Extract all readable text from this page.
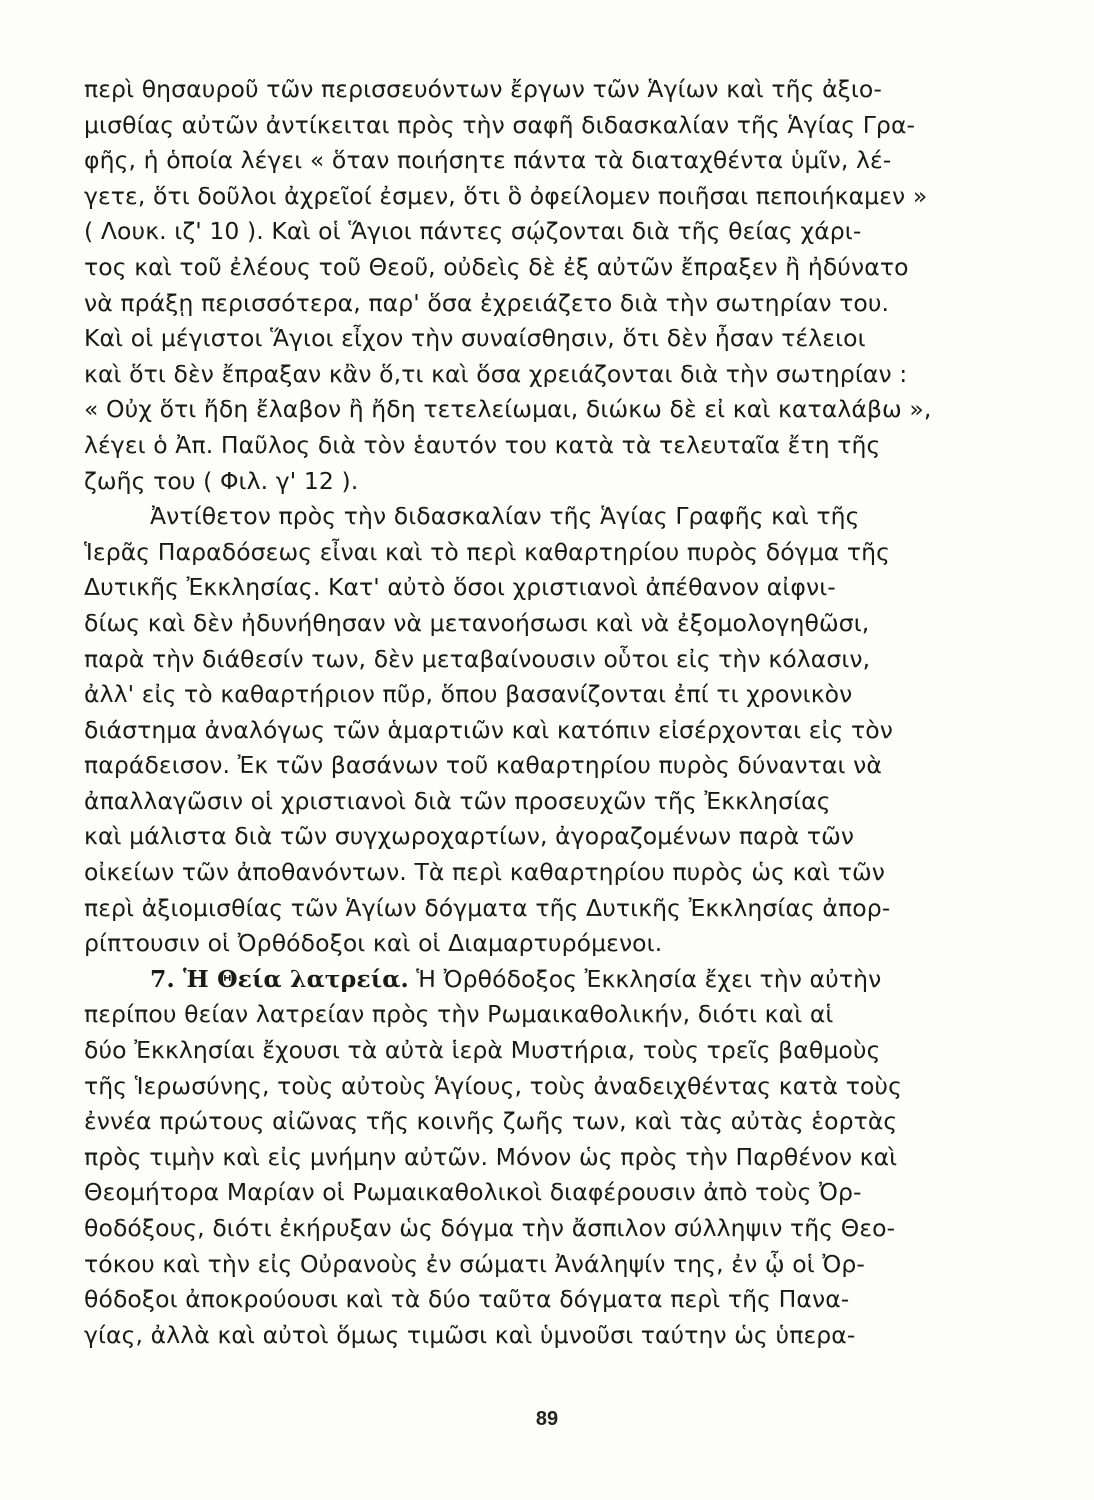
περὶ θησαυροῦ τῶν περισσευόντων ἔργων τῶν Ἁγίων καὶ τῆς ἀξιο-
μισθίας αὐτῶν ἀντίκειται πρὸς τὴν σαφῆ διδασκαλίαν τῆς Ἁγίας Γρα-
φῆς, ἡ ὁποία λέγει « ὅταν ποιήσητε πάντα τὰ διαταχθέντα ὑμῖν, λέ-
γετε, ὅτι δοῦλοι ἀχρεῖοί ἐσμεν, ὅτι ὃ ὀφείλομεν ποιῆσαι πεποιήκαμεν »
( Λουκ. ιζ' 10 ). Καὶ οἱ Ἅγιοι πάντες σῴζονται διὰ τῆς θείας χάρι-
τος καὶ τοῦ ἐλέους τοῦ Θεοῦ, οὐδεὶς δὲ ἐξ αὐτῶν ἔπραξεν ἢ ἠδύνατο
νὰ πράξῃ περισσότερα, παρ' ὅσα ἐχρειάζετο διὰ τὴν σωτηρίαν του.
Καὶ οἱ μέγιστοι Ἅγιοι εἶχον τὴν συναίσθησιν, ὅτι δὲν ἦσαν τέλειοι
καὶ ὅτι δὲν ἔπραξαν κἂν ὅ,τι καὶ ὅσα χρειάζονται διὰ τὴν σωτηρίαν :
« Οὐχ ὅτι ἤδη ἔλαβον ἢ ἤδη τετελείωμαι, διώκω δὲ εἰ καὶ καταλάβω »,
λέγει ὁ Ἀπ. Παῦλος διὰ τὸν ἑαυτόν του κατὰ τὰ τελευταῖα ἔτη τῆς
ζωῆς του ( Φιλ. γ' 12 ).
Ἀντίθετον πρὸς τὴν διδασκαλίαν τῆς Ἁγίας Γραφῆς καὶ τῆς
Ἱερᾶς Παραδόσεως εἶναι καὶ τὸ περὶ καθαρτηρίου πυρὸς δόγμα τῆς
Δυτικῆς Ἐκκλησίας. Κατ' αὐτὸ ὅσοι χριστιανοὶ ἀπέθανον αἰφνι-
δίως καὶ δὲν ἠδυνήθησαν νὰ μετανοήσωσι καὶ νὰ ἐξομολογηθῶσι,
παρὰ τὴν διάθεσίν των, δὲν μεταβαίνουσιν οὗτοι εἰς τὴν κόλασιν,
ἀλλ' εἰς τὸ καθαρτήριον πῦρ, ὅπου βασανίζονται ἐπί τι χρονικὸν
διάστημα ἀναλόγως τῶν ἁμαρτιῶν καὶ κατόπιν εἰσέρχονται εἰς τὸν
παράδεισον. Ἐκ τῶν βασάνων τοῦ καθαρτηρίου πυρὸς δύνανται νὰ
ἀπαλλαγῶσιν οἱ χριστιανοὶ διὰ τῶν προσευχῶν τῆς Ἐκκλησίας
καὶ μάλιστα διὰ τῶν συγχωροχαρτίων, ἀγοραζομένων παρὰ τῶν
οἰκείων τῶν ἀποθανόντων. Τὰ περὶ καθαρτηρίου πυρὸς ὡς καὶ τῶν
περὶ ἀξιομισθίας τῶν Ἁγίων δόγματα τῆς Δυτικῆς Ἐκκλησίας ἀπορ-
ρίπτουσιν οἱ Ὀρθόδοξοι καὶ οἱ Διαμαρτυρόμενοι.
7. Ἡ Θεία λατρεία. Ἡ Ὀρθόδοξος Ἐκκλησία ἔχει τὴν αὐτὴν
περίπου θείαν λατρείαν πρὸς τὴν Ρωμαικαθολικήν, διότι καὶ αἱ
δύο Ἐκκλησίαι ἔχουσι τὰ αὐτὰ ἱερὰ Μυστήρια, τοὺς τρεῖς βαθμοὺς
τῆς Ἱερωσύνης, τοὺς αὐτοὺς Ἁγίους, τοὺς ἀναδειχθέντας κατὰ τοὺς
ἐννέα πρώτους αἰῶνας τῆς κοινῆς ζωῆς των, καὶ τὰς αὐτὰς ἑορτὰς
πρὸς τιμὴν καὶ εἰς μνήμην αὐτῶν. Μόνον ὡς πρὸς τὴν Παρθένον καὶ
Θεομήτορα Μαρίαν οἱ Ρωμαικαθολικοὶ διαφέρουσιν ἀπὸ τοὺς Ὀρ-
θοδόξους, διότι ἐκήρυξαν ὡς δόγμα τὴν ἄσπιλον σύλληψιν τῆς Θεο-
τόκου καὶ τὴν εἰς Οὐρανοὺς ἐν σώματι Ἀνάληψίν της, ἐν ᾧ οἱ Ὀρ-
θόδοξοι ἀποκρούουσι καὶ τὰ δύο ταῦτα δόγματα περὶ τῆς Πανα-
γίας, ἀλλὰ καὶ αὐτοὶ ὅμως τιμῶσι καὶ ὑμνοῦσι ταύτην ὡς ὑπερα-
89
